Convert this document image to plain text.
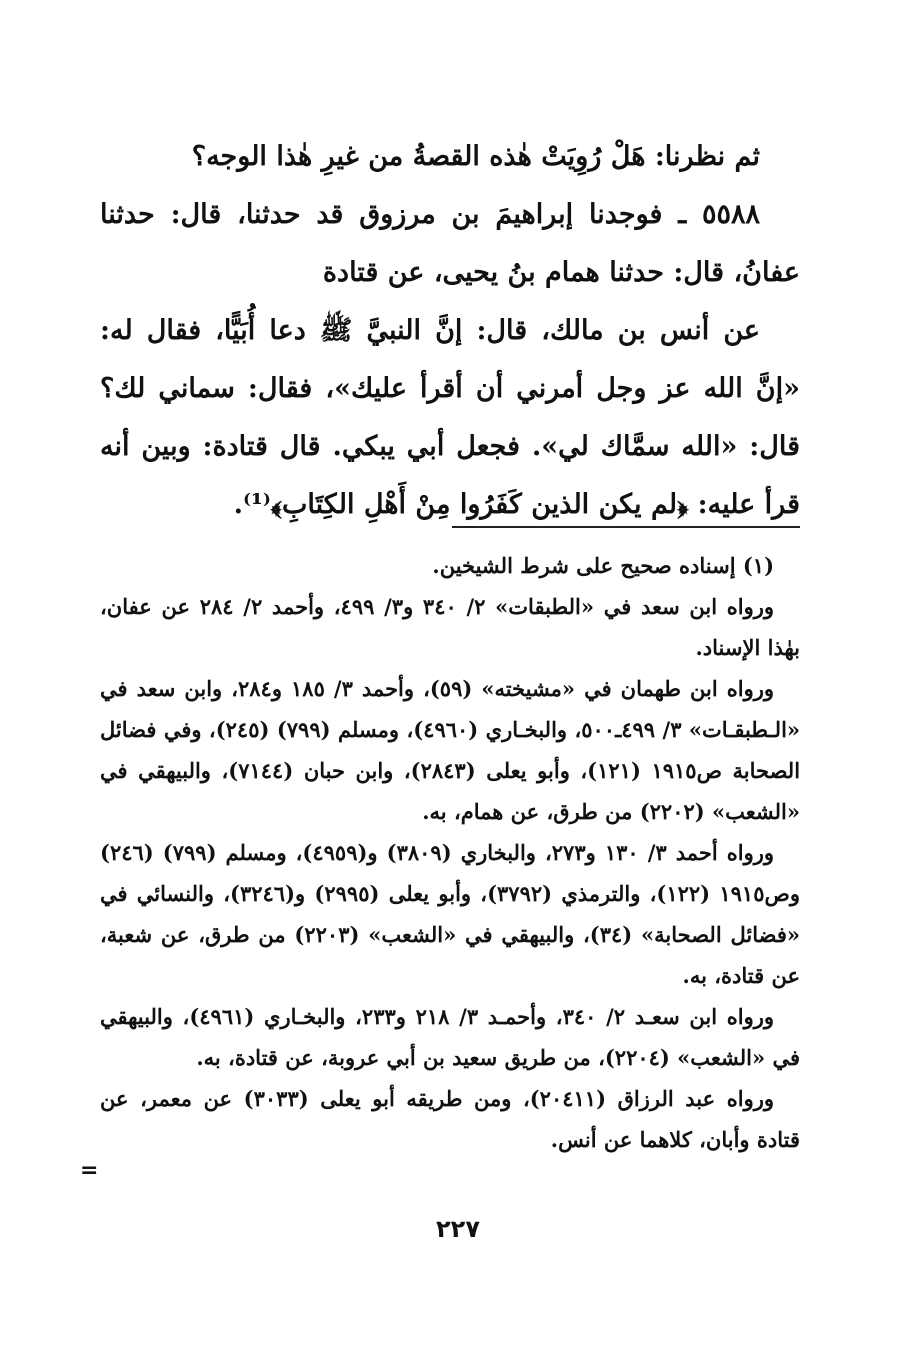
ثم نظرنا: هَلْ رُوِيَتْ هٰذه القصةُ من غيرِ هٰذا الوجه؟

٥٥٨٨ ـ فوجدنا إبراهيمَ بن مرزوق قد حدثنا، قال: حدثنا عفانُ، قال: حدثنا همام بنُ يحيى، عن قتادة

عن أنس بن مالك، قال: إنَّ النبيَّ ﷺ دعا أُبَيًّا، فقال له: «إنَّ الله عز وجل أمرني أن أقرأ عليك»، فقال: سماني لك؟ قال: «الله سمَّاك لي». فجعل أبي يبكي. قال قتادة: وبين أنه قرأ عليه: ﴿لم يكن الذين كَفَرُوا مِنْ أَهْلِ الكِتَابِ﴾⁽¹⁾.

(١) إسناده صحيح على شرط الشيخين.

ورواه ابن سعد في «الطبقات» ٢/ ٣٤٠ و٣/ ٤٩٩، وأحمد ٢/ ٢٨٤ عن عفان، بهٰذا الإسناد.

ورواه ابن طهمان في «مشيخته» (٥٩)، وأحمد ٣/ ١٨٥ و٢٨٤، وابن سعد في «الـطبقـات» ٣/ ٤٩٩ـ٥٠٠، والبخـاري (٤٩٦٠)، ومسلم (٧٩٩) (٢٤٥)، وفي فضائل الصحابة ص١٩١٥ (١٢١)، وأبو يعلى (٢٨٤٣)، وابن حبان (٧١٤٤)، والبيهقي في «الشعب» (٢٢٠٢) من طرق، عن همام، به.

ورواه أحمد ٣/ ١٣٠ و٢٧٣، والبخاري (٣٨٠٩) و(٤٩٥٩)، ومسلم (٧٩٩) (٢٤٦) وص١٩١٥ (١٢٢)، والترمذي (٣٧٩٢)، وأبو يعلى (٢٩٩٥) و(٣٢٤٦)، والنسائي في «فضائل الصحابة» (٣٤)، والبيهقي في «الشعب» (٢٢٠٣) من طرق، عن شعبة، عن قتادة، به.

ورواه ابن سعـد ٢/ ٣٤٠، وأحمـد ٣/ ٢١٨ و٢٣٣، والبخـاري (٤٩٦١)، والبيهقي في «الشعب» (٢٢٠٤)، من طريق سعيد بن أبي عروبة، عن قتادة، به.

ورواه عبد الرزاق (٢٠٤١١)، ومن طريقه أبو يعلى (٣٠٣٣) عن معمر، عن قتادة وأبان، كلاهما عن أنس.

=
٢٢٧
